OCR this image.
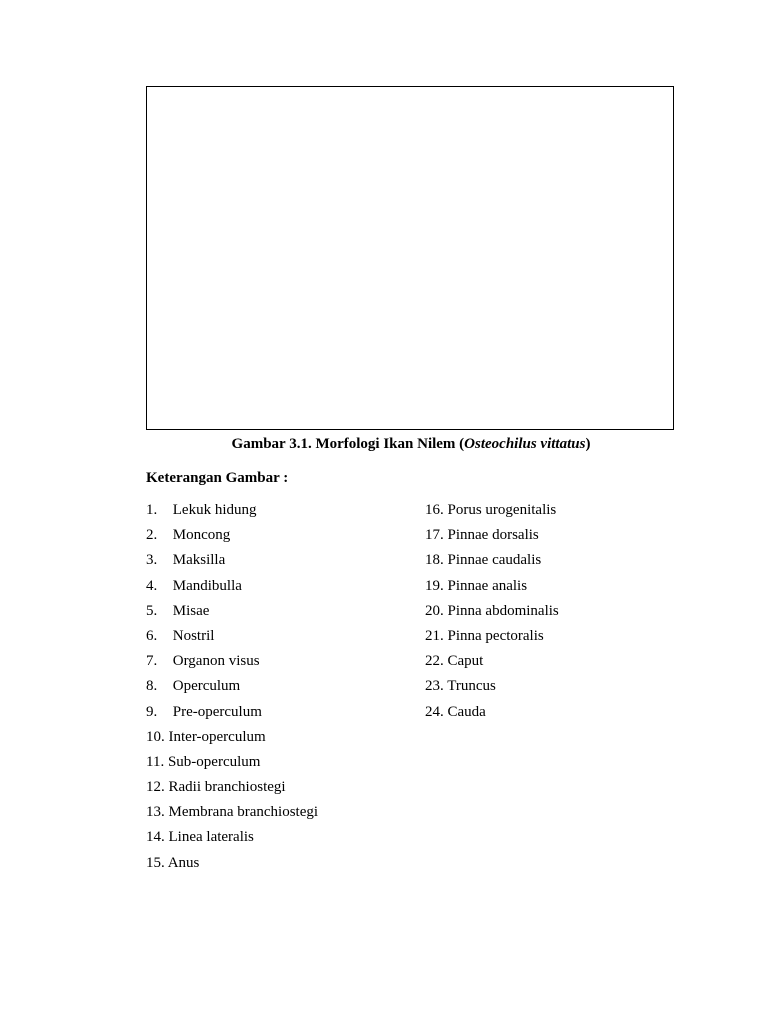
Gambar 3.1. Morfologi Ikan Nilem (Osteochilus vittatus)
Keterangan Gambar :
1. Lekuk hidung
2. Moncong
3. Maksilla
4. Mandibulla
5. Misae
6. Nostril
7. Organon visus
8. Operculum
9. Pre-operculum
10. Inter-operculum
11. Sub-operculum
12. Radii branchiostegi
13. Membrana branchiostegi
14. Linea lateralis
15. Anus
16. Porus urogenitalis
17. Pinnae dorsalis
18. Pinnae caudalis
19. Pinnae analis
20. Pinna abdominalis
21. Pinna pectoralis
22. Caput
23. Truncus
24. Cauda
